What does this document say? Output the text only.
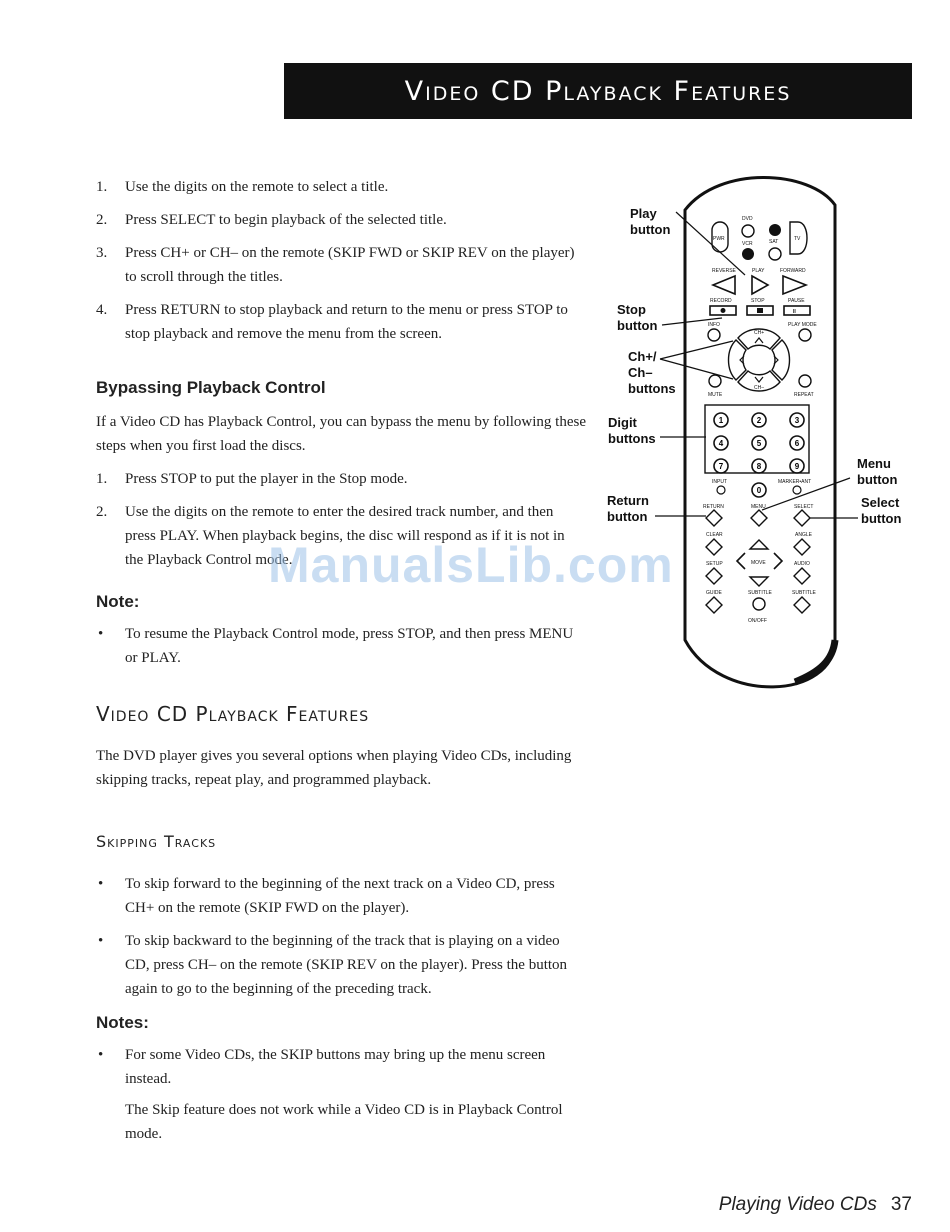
Video CD Playback Features
1. Use the digits on the remote to select a title.
2. Press SELECT to begin playback of the selected title.
3. Press CH+ or CH– on the remote (SKIP FWD or SKIP REV on the player) to scroll through the titles.
4. Press RETURN to stop playback and return to the menu or press STOP to stop playback and remove the menu from the screen.
Bypassing Playback Control

If a Video CD has Playback Control, you can bypass the menu by following these steps when you first load the discs.

1. Press STOP to put the player in the Stop mode.
2. Use the digits on the remote to enter the desired track number, and then press PLAY. When playback begins, the disc will respond as if it is not in the Playback Control mode.
Note:
• To resume the Playback Control mode, press STOP, and then press MENU or PLAY.
Video CD Playback Features

The DVD player gives you several options when playing Video CDs, including skipping tracks, repeat play, and programmed playback.

Skipping Tracks
• To skip forward to the beginning of the next track on a Video CD, press CH+ on the remote (SKIP FWD on the player).
• To skip backward to the beginning of the track that is playing on a video CD, press CH– on the remote (SKIP REV on the player). Press the button again to go to the beginning of the preceding track.
Notes:
• For some Video CDs, the SKIP buttons may bring up the menu screen instead.

The Skip feature does not work while a Video CD is in Playback Control mode.

PWR
DVD
VCR	SAT	TV
REVERSE	PLAY	FORWARD
RECORD	STOP	PAUSE
II
INFO	PLAY MODE
CH+
CH–
MUTE	REPEAT
1	2	3
4	5	6
7	8	9
0
INPUT	MARKER•ANT
RETURN	MENU	SELECT
CLEAR	ANGLE
MOVE
SETUP	AUDIO
GUIDE	SUBTITLE	SUBTITLE
ON/OFF
Play button
Stop button
Ch+/ Ch– buttons
Digit buttons
Return button
Menu button
Select button
ManualsLib.com
Playing Video CDs 37
